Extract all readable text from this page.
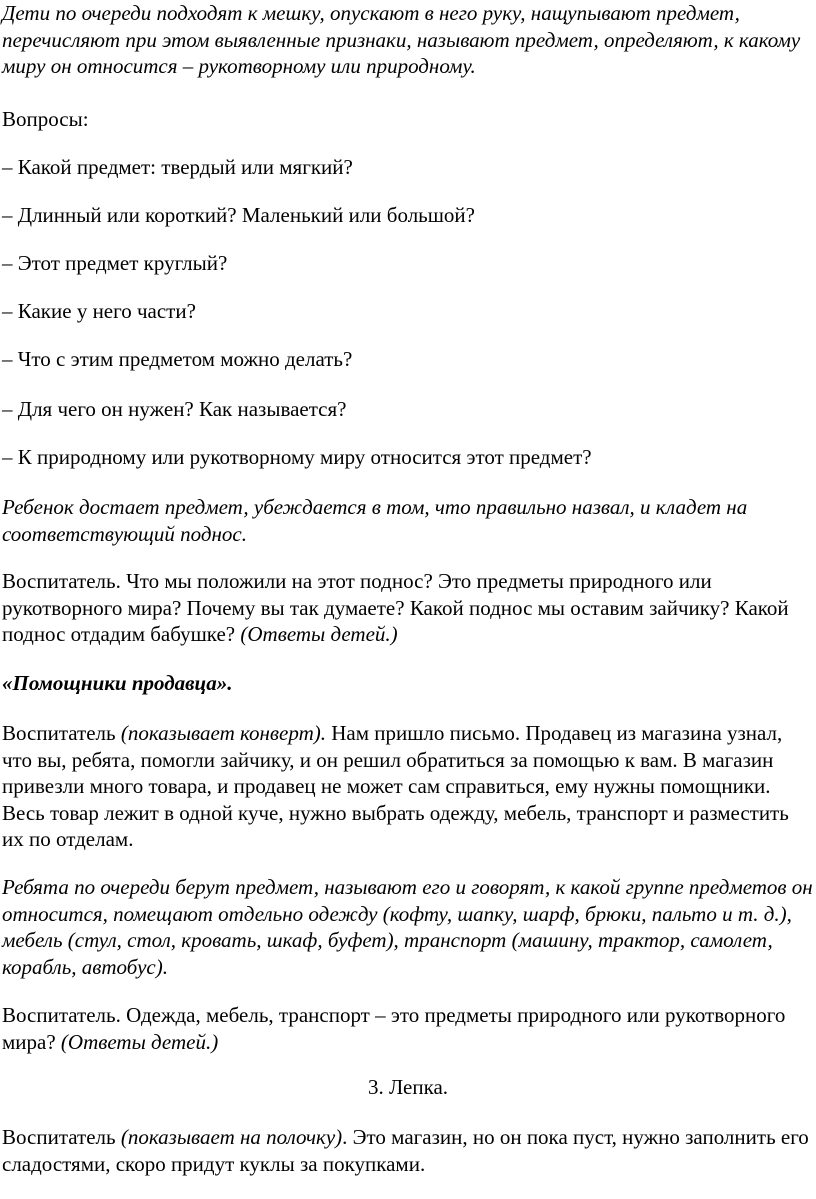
Дети по очереди подходят к мешку, опускают в него руку, нащупывают предмет, перечисляют при этом выявленные признаки, называют предмет, определяют, к какому миру он относится – рукотворному или природному.

Вопросы:

– Какой предмет: твердый или мягкий?

– Длинный или короткий? Маленький или большой?

– Этот предмет круглый?

– Какие у него части?

– Что с этим предметом можно делать?

– Для чего он нужен? Как называется?

– К природному или рукотворному миру относится этот предмет?

Ребенок достает предмет, убеждается в том, что правильно назвал, и кладет на соответствующий поднос.

Воспитатель. Что мы положили на этот поднос? Это предметы природного или рукотворного мира? Почему вы так думаете? Какой поднос мы оставим зайчику? Какой поднос отдадим бабушке? (Ответы детей.)

«Помощники продавца».

Воспитатель (показывает конверт). Нам пришло письмо. Продавец из магазина узнал, что вы, ребята, помогли зайчику, и он решил обратиться за помощью к вам. В магазин привезли много товара, и продавец не может сам справиться, ему нужны помощники. Весь товар лежит в одной куче, нужно выбрать одежду, мебель, транспорт и разместить их по отделам.

Ребята по очереди берут предмет, называют его и говорят, к какой группе предметов он относится, помещают отдельно одежду (кофту, шапку, шарф, брюки, пальто и т. д.), мебель (стул, стол, кровать, шкаф, буфет), транспорт (машину, трактор, самолет, корабль, автобус).

Воспитатель. Одежда, мебель, транспорт – это предметы природного или рукотворного мира? (Ответы детей.)

3. Лепка.

Воспитатель (показывает на полочку). Это магазин, но он пока пуст, нужно заполнить его сладостями, скоро придут куклы за покупками.
